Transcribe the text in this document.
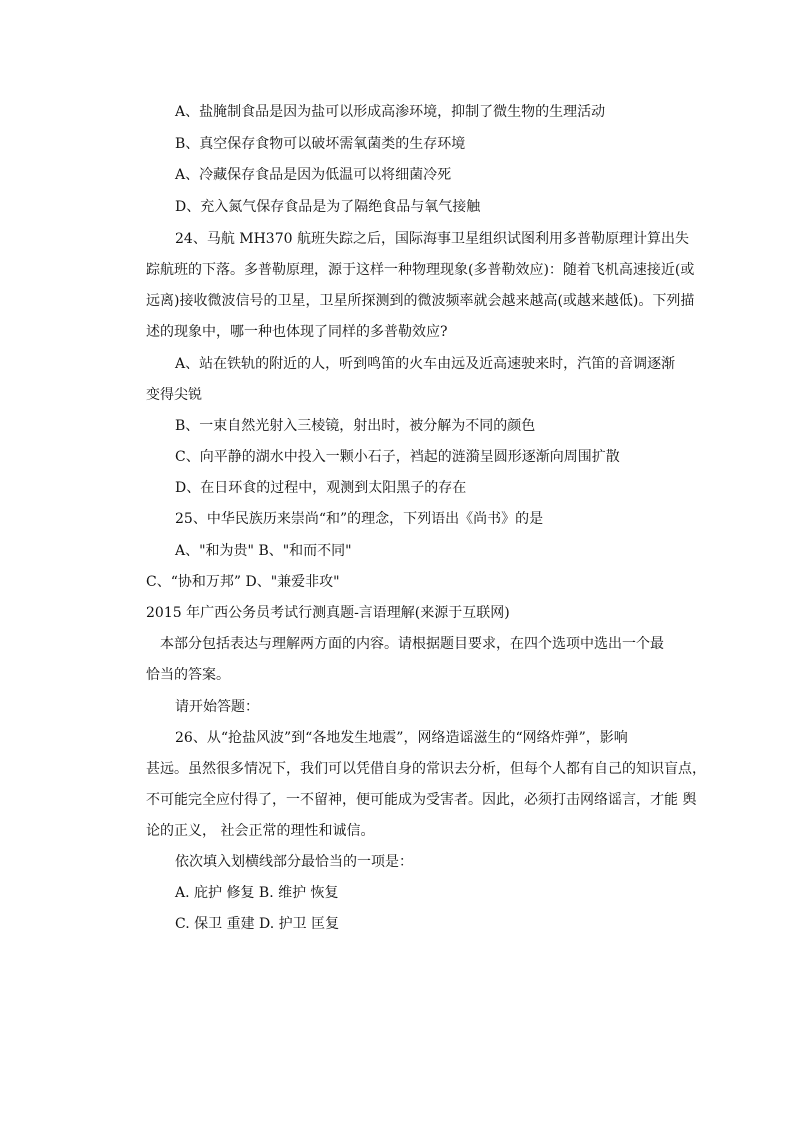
A、盐腌制食品是因为盐可以形成高渗环境，抑制了微生物的生理活动
B、真空保存食物可以破坏需氧菌类的生存环境
A、冷藏保存食品是因为低温可以将细菌冷死
D、充入氮气保存食品是为了隔绝食品与氧气接触
24、马航 MH370 航班失踪之后，国际海事卫星组织试图利用多普勒原理计算出失
踪航班的下落。多普勒原理，源于这样一种物理现象(多普勒效应)：随着飞机高速接近(或
远离)接收微波信号的卫星，卫星所探测到的微波频率就会越来越高(或越来越低)。下列描
述的现象中，哪一种也体现了同样的多普勒效应?
A、站在铁轨的附近的人，听到鸣笛的火车由远及近高速驶来时，汽笛的音调逐渐
变得尖锐
B、一束自然光射入三棱镜，射出时，被分解为不同的颜色
C、向平静的湖水中投入一颗小石子，裆起的涟漪呈圆形逐渐向周围扩散
D、在日环食的过程中，观测到太阳黑子的存在
25、中华民族历来崇尚“和”的理念，下列语出《尚书》的是
A、"和为贵" B、"和而不同"
C、“协和万邦” D、"兼爱非攻"
2015 年广西公务员考试行测真题-言语理解(来源于互联网)
本部分包括表达与理解两方面的内容。请根据题目要求，在四个选项中选出一个最
恰当的答案。
请开始答题：
26、从“抢盐风波”到“各地发生地震”，网络造谣滋生的“网络炸弹”，影响
甚远。虽然很多情况下，我们可以凭借自身的常识去分析，但每个人都有自己的知识盲点，
不可能完全应付得了，一不留神，便可能成为受害者。因此，必须打击网络谣言，才能 舆
论的正义， 社会正常的理性和诚信。
依次填入划横线部分最恰当的一项是：
A. 庇护 修复 B. 维护 恢复
C. 保卫 重建 D. 护卫 匡复
